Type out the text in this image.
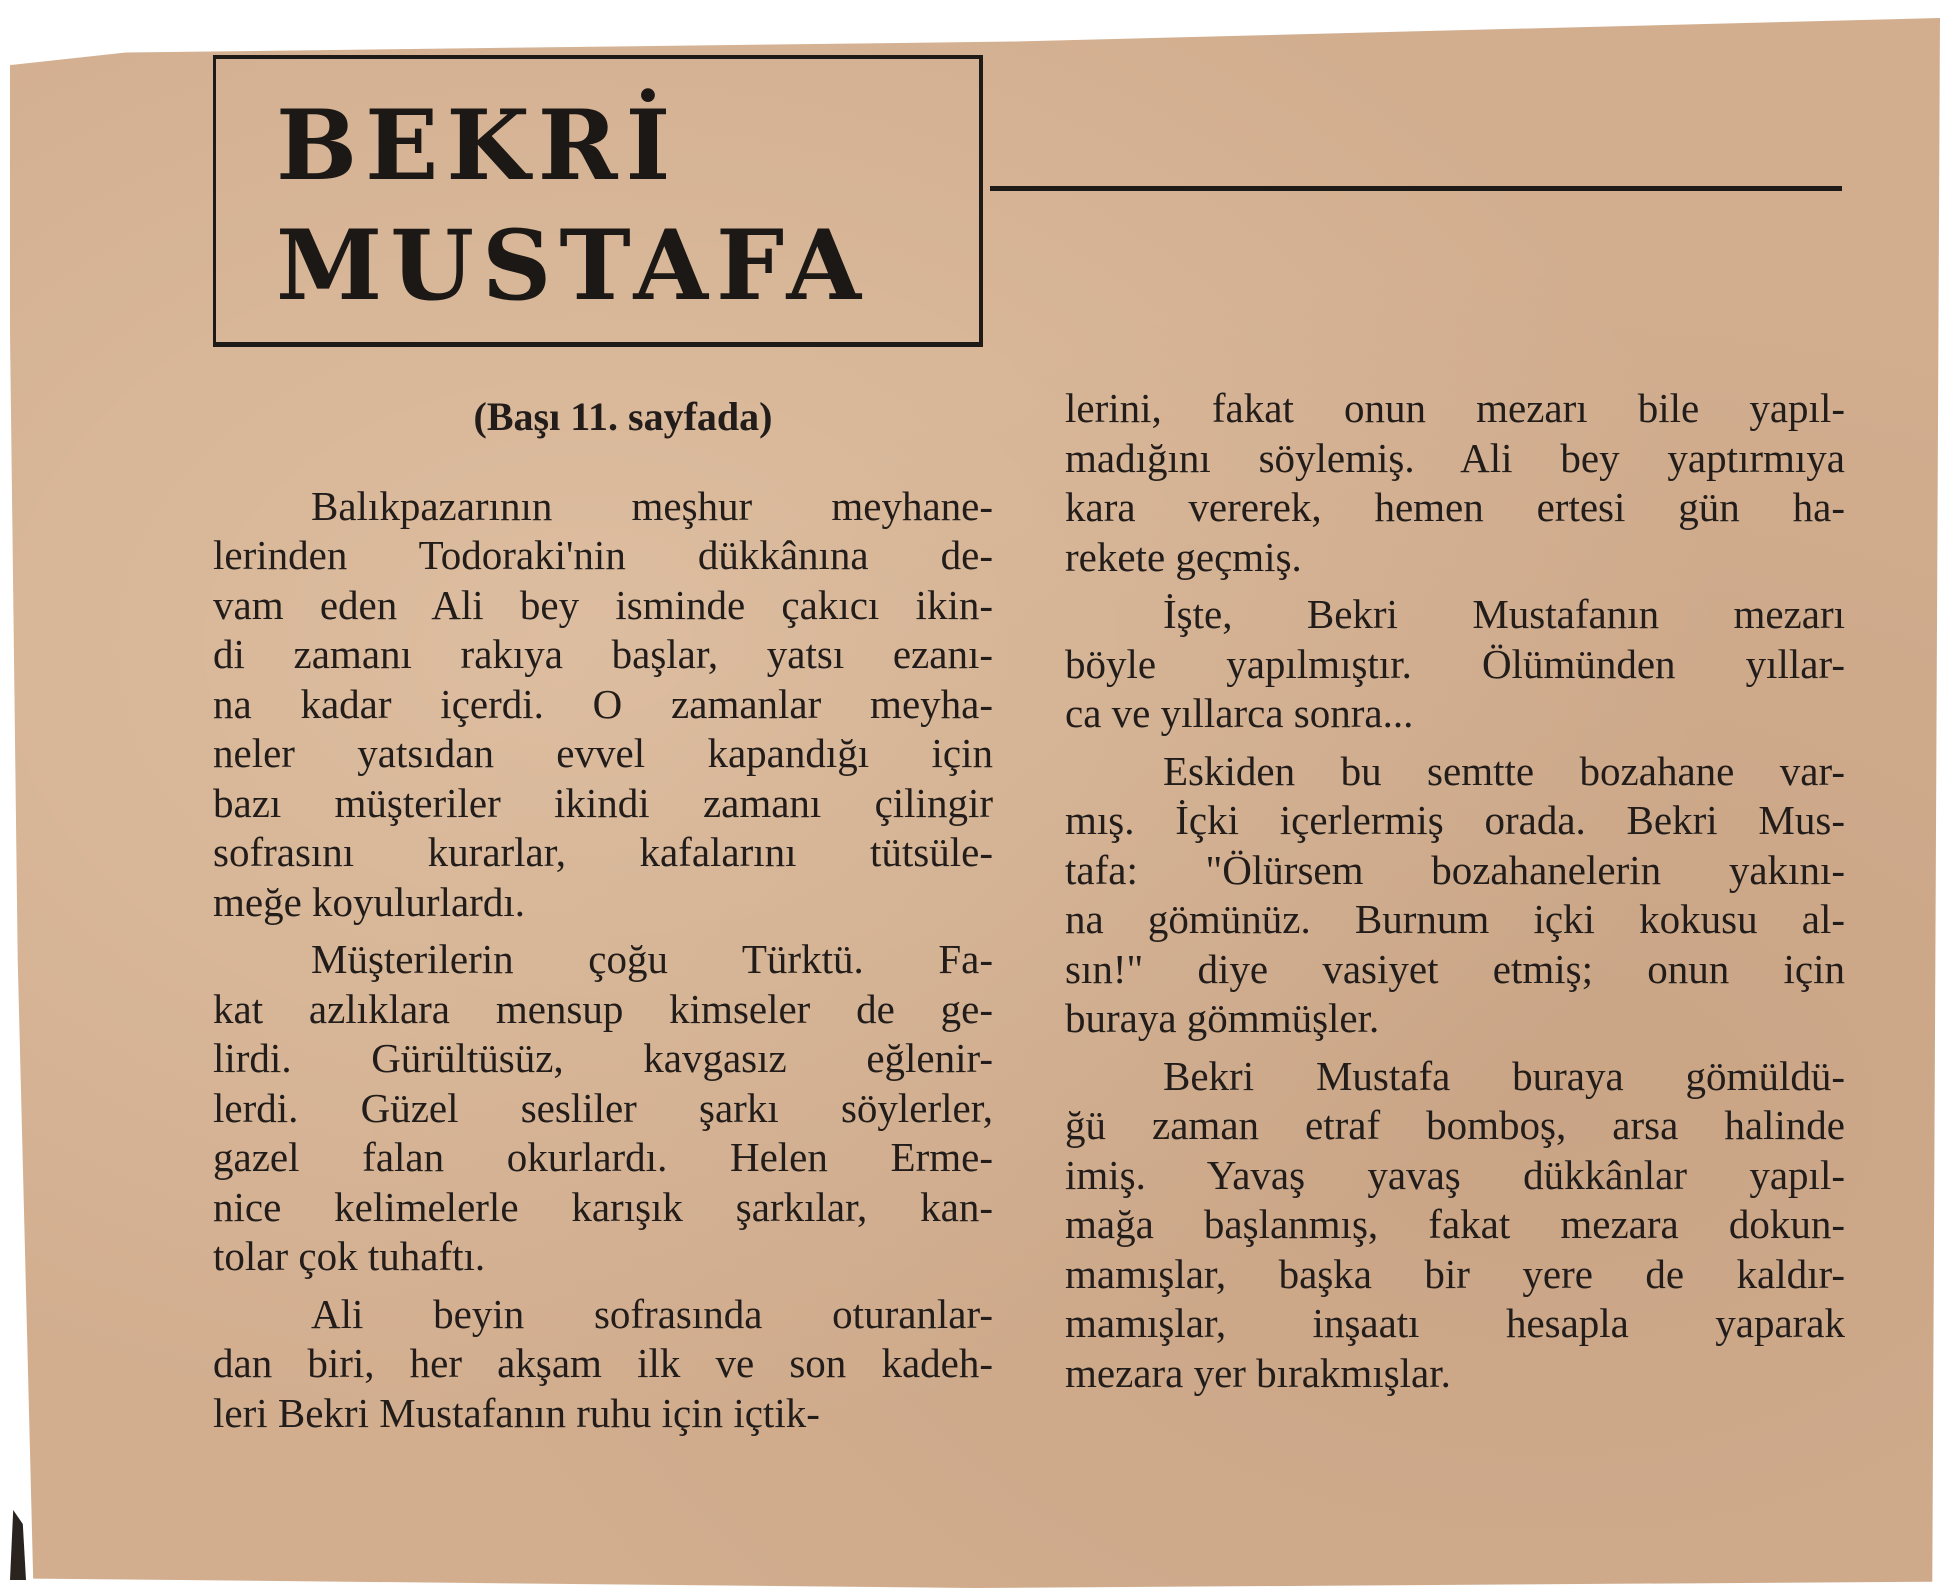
BEKRİ
MUSTAFA
(Başı 11. sayfada)
Balıkpazarının meşhur meyhane-
lerinden Todoraki'nin dükkânına de-
vam eden Ali bey isminde çakıcı ikin-
di zamanı rakıya başlar, yatsı ezanı-
na kadar içerdi. O zamanlar meyha-
neler yatsıdan evvel kapandığı için
bazı müşteriler ikindi zamanı çilingir
sofrasını kurarlar, kafalarını tütsüle-
meğe koyulurlardı.
Müşterilerin çoğu Türktü. Fa-
kat azlıklara mensup kimseler de ge-
lirdi. Gürültüsüz, kavgasız eğlenir-
lerdi. Güzel sesliler şarkı söylerler,
gazel falan okurlardı. Helen Erme-
nice kelimelerle karışık şarkılar, kan-
tolar çok tuhaftı.
Ali beyin sofrasında oturanlar-
dan biri, her akşam ilk ve son kadeh-
leri Bekri Mustafanın ruhu için içtik-
lerini, fakat onun mezarı bile yapıl-
madığını söylemiş. Ali bey yaptırmıya
kara vererek, hemen ertesi gün ha-
rekete geçmiş.
İşte, Bekri Mustafanın mezarı
böyle yapılmıştır. Ölümünden yıllar-
ca ve yıllarca sonra...
Eskiden bu semtte bozahane var-
mış. İçki içerlermiş orada. Bekri Mus-
tafa: "Ölürsem bozahanelerin yakını-
na gömünüz. Burnum içki kokusu al-
sın!" diye vasiyet etmiş; onun için
buraya gömmüşler.
Bekri Mustafa buraya gömüldü-
ğü zaman etraf bomboş, arsa halinde
imiş. Yavaş yavaş dükkânlar yapıl-
mağa başlanmış, fakat mezara dokun-
mamışlar, başka bir yere de kaldır-
mamışlar, inşaatı hesapla yaparak
mezara yer bırakmışlar.
